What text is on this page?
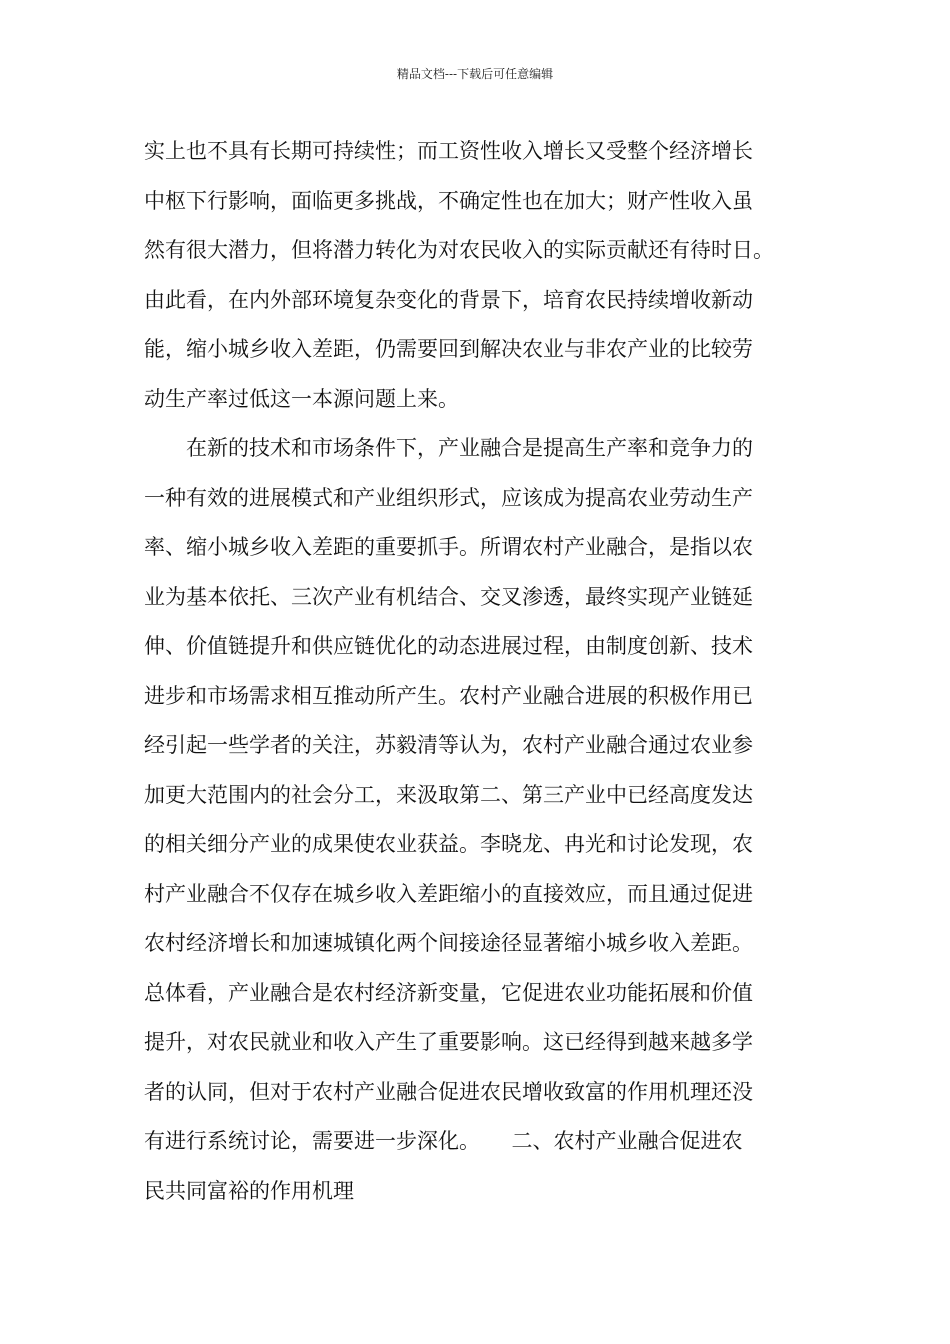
精品文档---下载后可任意编辑
实上也不具有长期可持续性；而工资性收入增长又受整个经济增长
中枢下行影响，面临更多挑战，不确定性也在加大；财产性收入虽
然有很大潜力，但将潜力转化为对农民收入的实际贡献还有待时日。
由此看，在内外部环境复杂变化的背景下，培育农民持续增收新动
能，缩小城乡收入差距，仍需要回到解决农业与非农产业的比较劳
动生产率过低这一本源问题上来。
　　在新的技术和市场条件下，产业融合是提高生产率和竞争力的
一种有效的进展模式和产业组织形式，应该成为提高农业劳动生产
率、缩小城乡收入差距的重要抓手。所谓农村产业融合，是指以农
业为基本依托、三次产业有机结合、交叉渗透，最终实现产业链延
伸、价值链提升和供应链优化的动态进展过程，由制度创新、技术
进步和市场需求相互推动所产生。农村产业融合进展的积极作用已
经引起一些学者的关注，苏毅清等认为，农村产业融合通过农业参
加更大范围内的社会分工，来汲取第二、第三产业中已经高度发达
的相关细分产业的成果使农业获益。李晓龙、冉光和讨论发现，农
村产业融合不仅存在城乡收入差距缩小的直接效应，而且通过促进
农村经济增长和加速城镇化两个间接途径显著缩小城乡收入差距。
总体看，产业融合是农村经济新变量，它促进农业功能拓展和价值
提升，对农民就业和收入产生了重要影响。这已经得到越来越多学
者的认同，但对于农村产业融合促进农民增收致富的作用机理还没
有进行系统讨论，需要进一步深化。　　二、农村产业融合促进农
民共同富裕的作用机理
